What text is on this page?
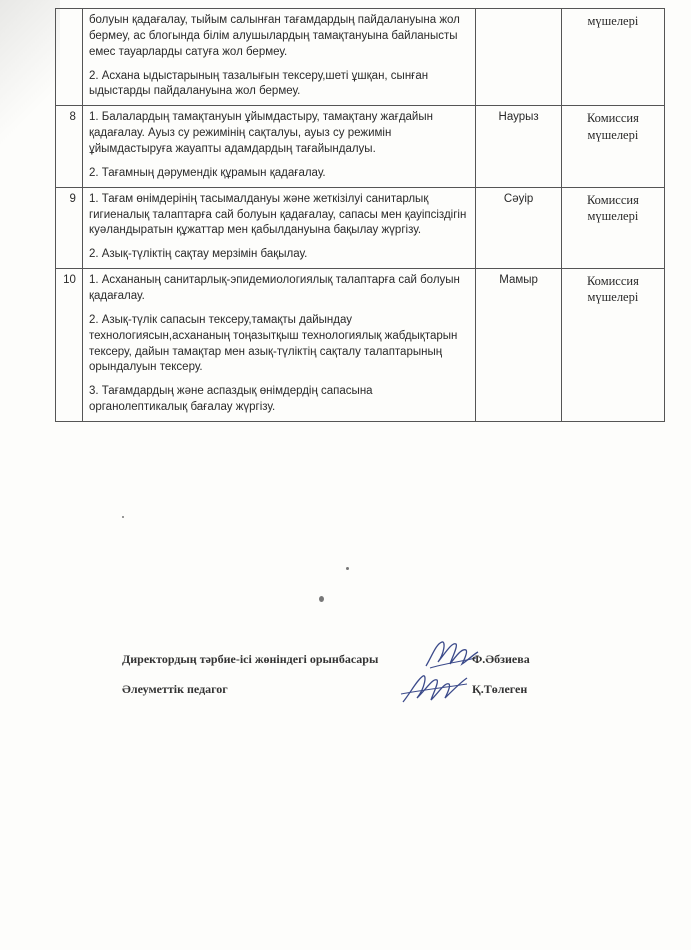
	болуын қадағалау, тыйым салынған тағамдардың пайдалануына жол бермеу, ас блогында білім алушылардың тамақтануына байланысты емес тауарларды сатуға жол бермеу.

2. Асхана ыдыстарының тазалығын тексеру,шеті ұшқан, сынған ыдыстарды пайдалануына жол бермеу.		мүшелері
8	1. Балалардың тамақтануын ұйымдастыру, тамақтану жағдайын қадағалау. Ауыз су режимінің сақталуы, ауыз су режимін ұйымдастыруға жауапты адамдардың тағайындалуы.

2. Тағамның дәрумендік құрамын қадағалау.	Наурыз	Комиссия мүшелері
9	1. Тағам өнімдерінің тасымалдануы және жеткізілуі санитарлық гигиеналық талаптарға сай болуын қадағалау, сапасы мен қауіпсіздігін куәландыратын құжаттар мен қабылдануына бақылау жүргізу.

2. Азық-түліктің сақтау мерзімін бақылау.	Сәуір	Комиссия мүшелері
10	1. Асхананың санитарлық-эпидемиологиялық талаптарға сай болуын қадағалау.

2. Азық-түлік сапасын тексеру,тамақты дайындау технологиясын,асхананың тоңазытқыш технологиялық жабдықтарын тексеру, дайын тамақтар мен азық-түліктің сақталу талаптарының орындалуын тексеру.

3. Тағамдардың және аспаздық өнімдердің сапасына органолептикалық бағалау жүргізу.	Мамыр	Комиссия мүшелері
Директордың тәрбие-ісі жөніндегі орынбасары	Ф.Әбзиева
Әлеуметтік педагог	Қ.Төлеген
